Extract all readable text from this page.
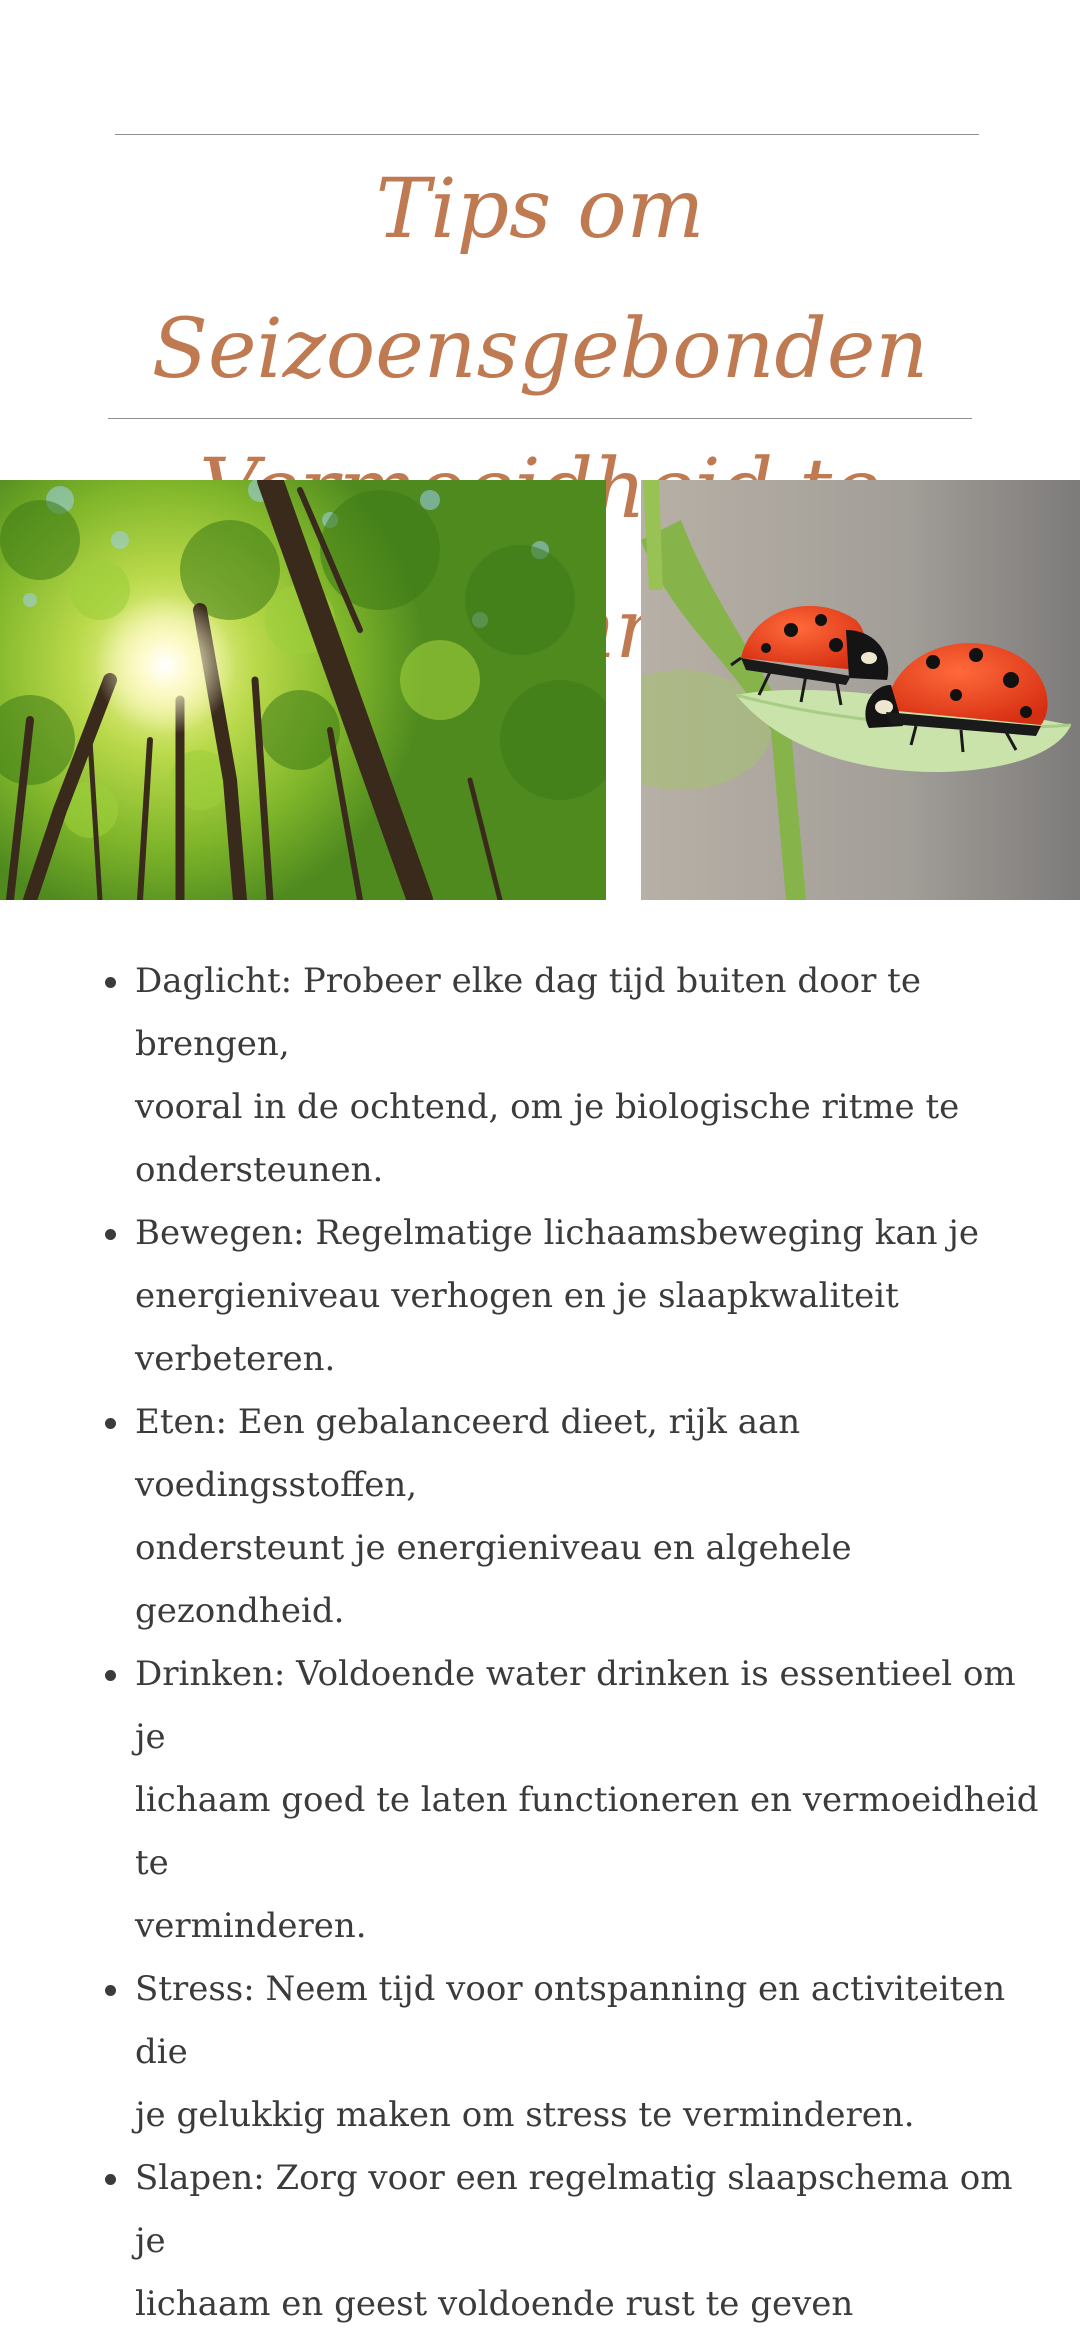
Tips om Seizoensgebonden
Daglicht: Probeer elke dag tijd buiten door te brengen,
vooral in de ochtend, om je biologische ritme te
ondersteunen.
Bewegen: Regelmatige lichaamsbeweging kan je
energieniveau verhogen en je slaapkwaliteit verbeteren.
Eten: Een gebalanceerd dieet, rijk aan voedingsstoffen,
ondersteunt je energieniveau en algehele gezondheid.
Drinken: Voldoende water drinken is essentieel om je
lichaam goed te laten functioneren en vermoeidheid te
verminderen.
Stress: Neem tijd voor ontspanning en activiteiten die
je gelukkig maken om stress te verminderen.
Slapen: Zorg voor een regelmatig slaapschema om je
lichaam en geest voldoende rust te geven
